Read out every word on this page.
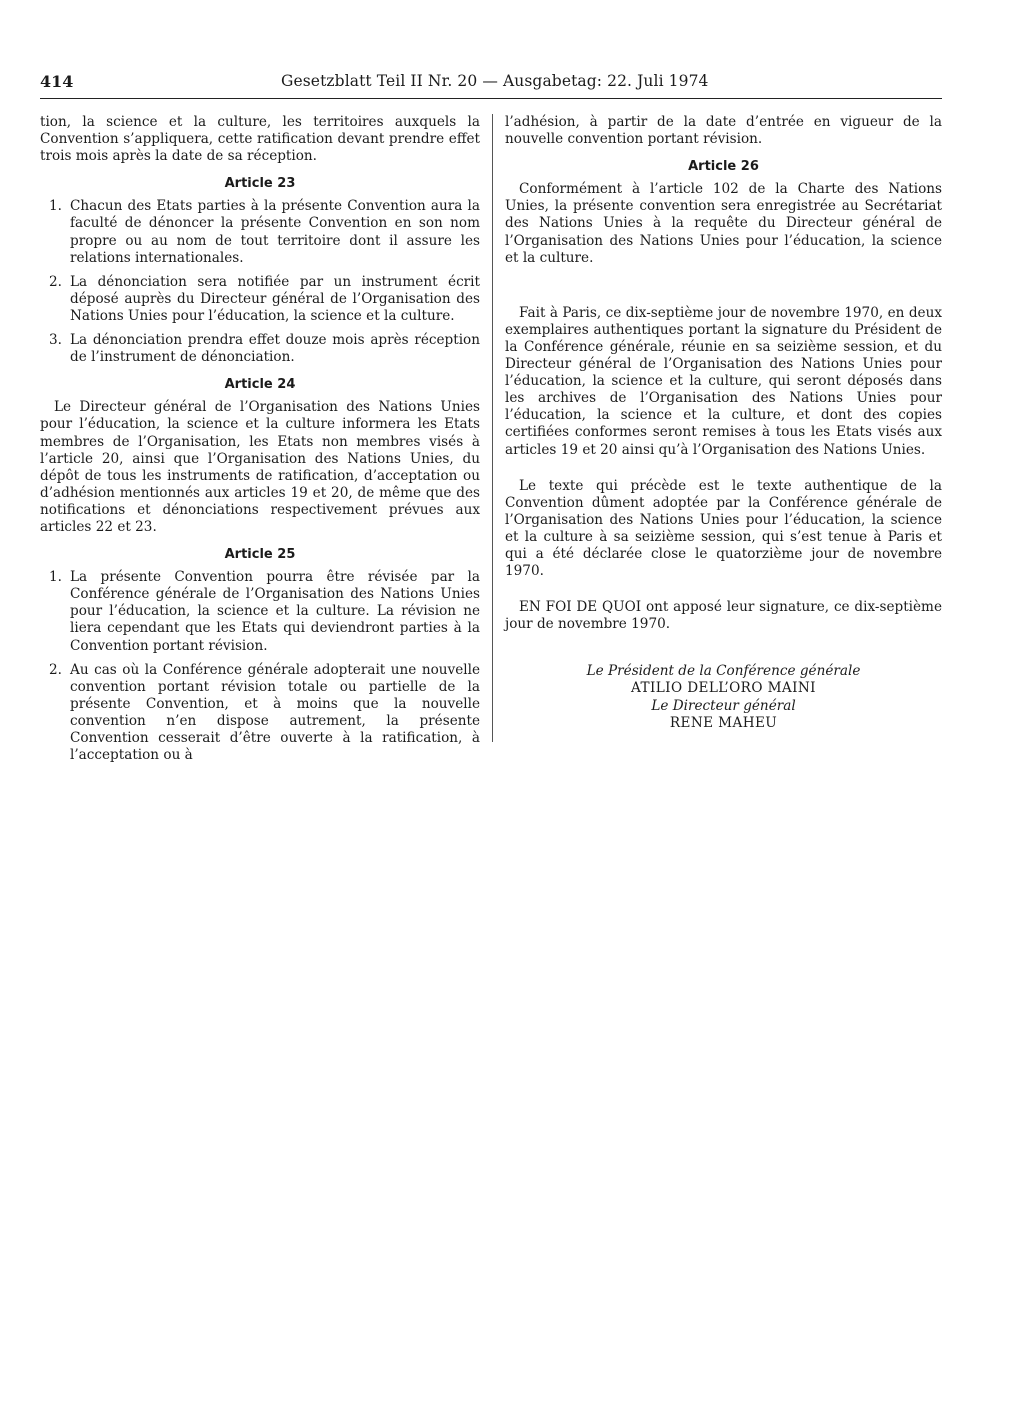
414	Gesetzblatt Teil II Nr. 20 — Ausgabetag: 22. Juli 1974

tion, la science et la culture, les territoires auxquels la Convention s’appliquera, cette ratification devant prendre effet trois mois après la date de sa réception.

Article 23
1. Chacun des Etats parties à la présente Convention aura la faculté de dénoncer la présente Convention en son nom propre ou au nom de tout territoire dont il assure les relations internationales.

2. La dénonciation sera notifiée par un instrument écrit déposé auprès du Directeur général de l’Organisation des Nations Unies pour l’éducation, la science et la culture.

3. La dénonciation prendra effet douze mois après réception de l’instrument de dénonciation.

Article 24

Le Directeur général de l’Organisation des Nations Unies pour l’éducation, la science et la culture informera les Etats membres de l’Organisation, les Etats non membres visés à l’article 20, ainsi que l’Organisation des Nations Unies, du dépôt de tous les instruments de ratification, d’acceptation ou d’adhésion mentionnés aux articles 19 et 20, de même que des notifications et dénonciations respectivement prévues aux articles 22 et 23.

Article 25
1. La présente Convention pourra être révisée par la Conférence générale de l’Organisation des Nations Unies pour l’éducation, la science et la culture. La révision ne liera cependant que les Etats qui deviendront parties à la Convention portant révision.

2. Au cas où la Conférence générale adopterait une nouvelle convention portant révision totale ou partielle de la présente Convention, et à moins que la nouvelle convention n’en dispose autrement, la présente Convention cesserait d’être ouverte à la ratification, à l’acceptation ou à

l’adhésion, à partir de la date d’entrée en vigueur de la nouvelle convention portant révision.

Article 26

Conformément à l’article 102 de la Charte des Nations Unies, la présente convention sera enregistrée au Secrétariat des Nations Unies à la requête du Directeur général de l’Organisation des Nations Unies pour l’éducation, la science et la culture.

Fait à Paris, ce dix-septième jour de novembre 1970, en deux exemplaires authentiques portant la signature du Président de la Conférence générale, réunie en sa seizième session, et du Directeur général de l’Organisation des Nations Unies pour l’éducation, la science et la culture, qui seront déposés dans les archives de l’Organisation des Nations Unies pour l’éducation, la science et la culture, et dont des copies certifiées conformes seront remises à tous les Etats visés aux articles 19 et 20 ainsi qu’à l’Organisation des Nations Unies.

Le texte qui précède est le texte authentique de la Convention dûment adoptée par la Conférence générale de l’Organisation des Nations Unies pour l’éducation, la science et la culture à sa seizième session, qui s’est tenue à Paris et qui a été déclarée close le quatorzième jour de novembre 1970.

EN FOI DE QUOI ont apposé leur signature, ce dix-septième jour de novembre 1970.

Le Président de la Conférence générale

ATILIO DELL’ORO MAINI

Le Directeur général

RENE MAHEU
